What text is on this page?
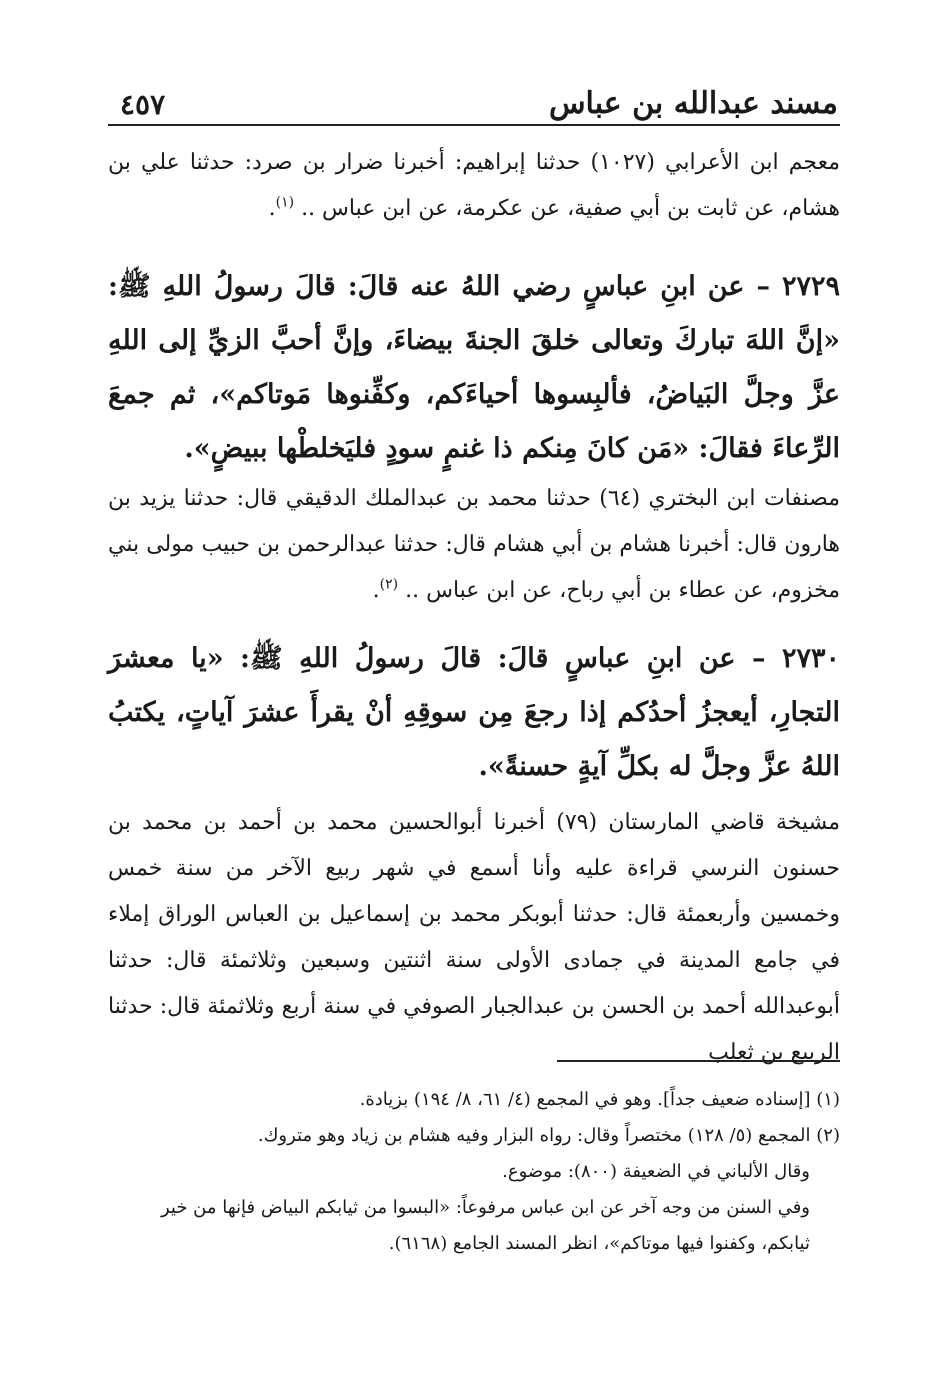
٤٥٧	مسند عبدالله بن عباس

معجم ابن الأعرابي (١٠٢٧) حدثنا إبراهيم: أخبرنا ضرار بن صرد: حدثنا علي بن هشام، عن ثابت بن أبي صفية، عن عكرمة، عن ابن عباس .. $^{(١)}$.

٢٧٢٩ – عن ابنِ عباسٍ رضي اللهُ عنه قالَ: قالَ رسولُ اللهِ ﷺ: «إنَّ اللهَ تباركَ وتعالى خلقَ الجنةَ بيضاءَ، وإنَّ أحبَّ الزيِّ إلى اللهِ عزَّ وجلَّ البَياضُ، فألبِسوها أحياءَكم، وكفِّنوها مَوتاكم»، ثم جمعَ الرِّعاءَ فقالَ: «مَن كانَ مِنكم ذا غنمٍ سودٍ فليَخلطْها ببيضٍ».

مصنفات ابن البختري (٦٤) حدثنا محمد بن عبدالملك الدقيقي قال: حدثنا يزيد بن هارون قال: أخبرنا هشام بن أبي هشام قال: حدثنا عبدالرحمن بن حبيب مولى بني مخزوم، عن عطاء بن أبي رباح، عن ابن عباس .. $^{(٢)}$.

٢٧٣٠ – عن ابنِ عباسٍ قالَ: قالَ رسولُ اللهِ ﷺ: «يا معشرَ التجارِ، أيعجزُ أحدُكم إذا رجعَ مِن سوقِهِ أنْ يقرأَ عشرَ آياتٍ، يكتبُ اللهُ عزَّ وجلَّ له بكلِّ آيةٍ حسنةً».

مشيخة قاضي المارستان (٧٩) أخبرنا أبوالحسين محمد بن أحمد بن محمد بن حسنون النرسي قراءة عليه وأنا أسمع في شهر ربيع الآخر من سنة خمس وخمسين وأربعمئة قال: حدثنا أبوبكر محمد بن إسماعيل بن العباس الوراق إملاء في جامع المدينة في جمادى الأولى سنة اثنتين وسبعين وثلاثمئة قال: حدثنا أبوعبدالله أحمد بن الحسن بن عبدالجبار الصوفي في سنة أربع وثلاثمئة قال: حدثنا الربيع بن ثعلب

(١) [إسناده ضعيف جداً]. وهو في المجمع (٤/ ٦١، ٨/ ١٩٤) بزيادة.

(٢) المجمع (٥/ ١٢٨) مختصراً وقال: رواه البزار وفيه هشام بن زياد وهو متروك.

وقال الألباني في الضعيفة (٨٠٠): موضوع.

وفي السنن من وجه آخر عن ابن عباس مرفوعاً: «البسوا من ثيابكم البياض فإنها من خير ثيابكم، وكفنوا فيها موتاكم»، انظر المسند الجامع (٦١٦٨).
